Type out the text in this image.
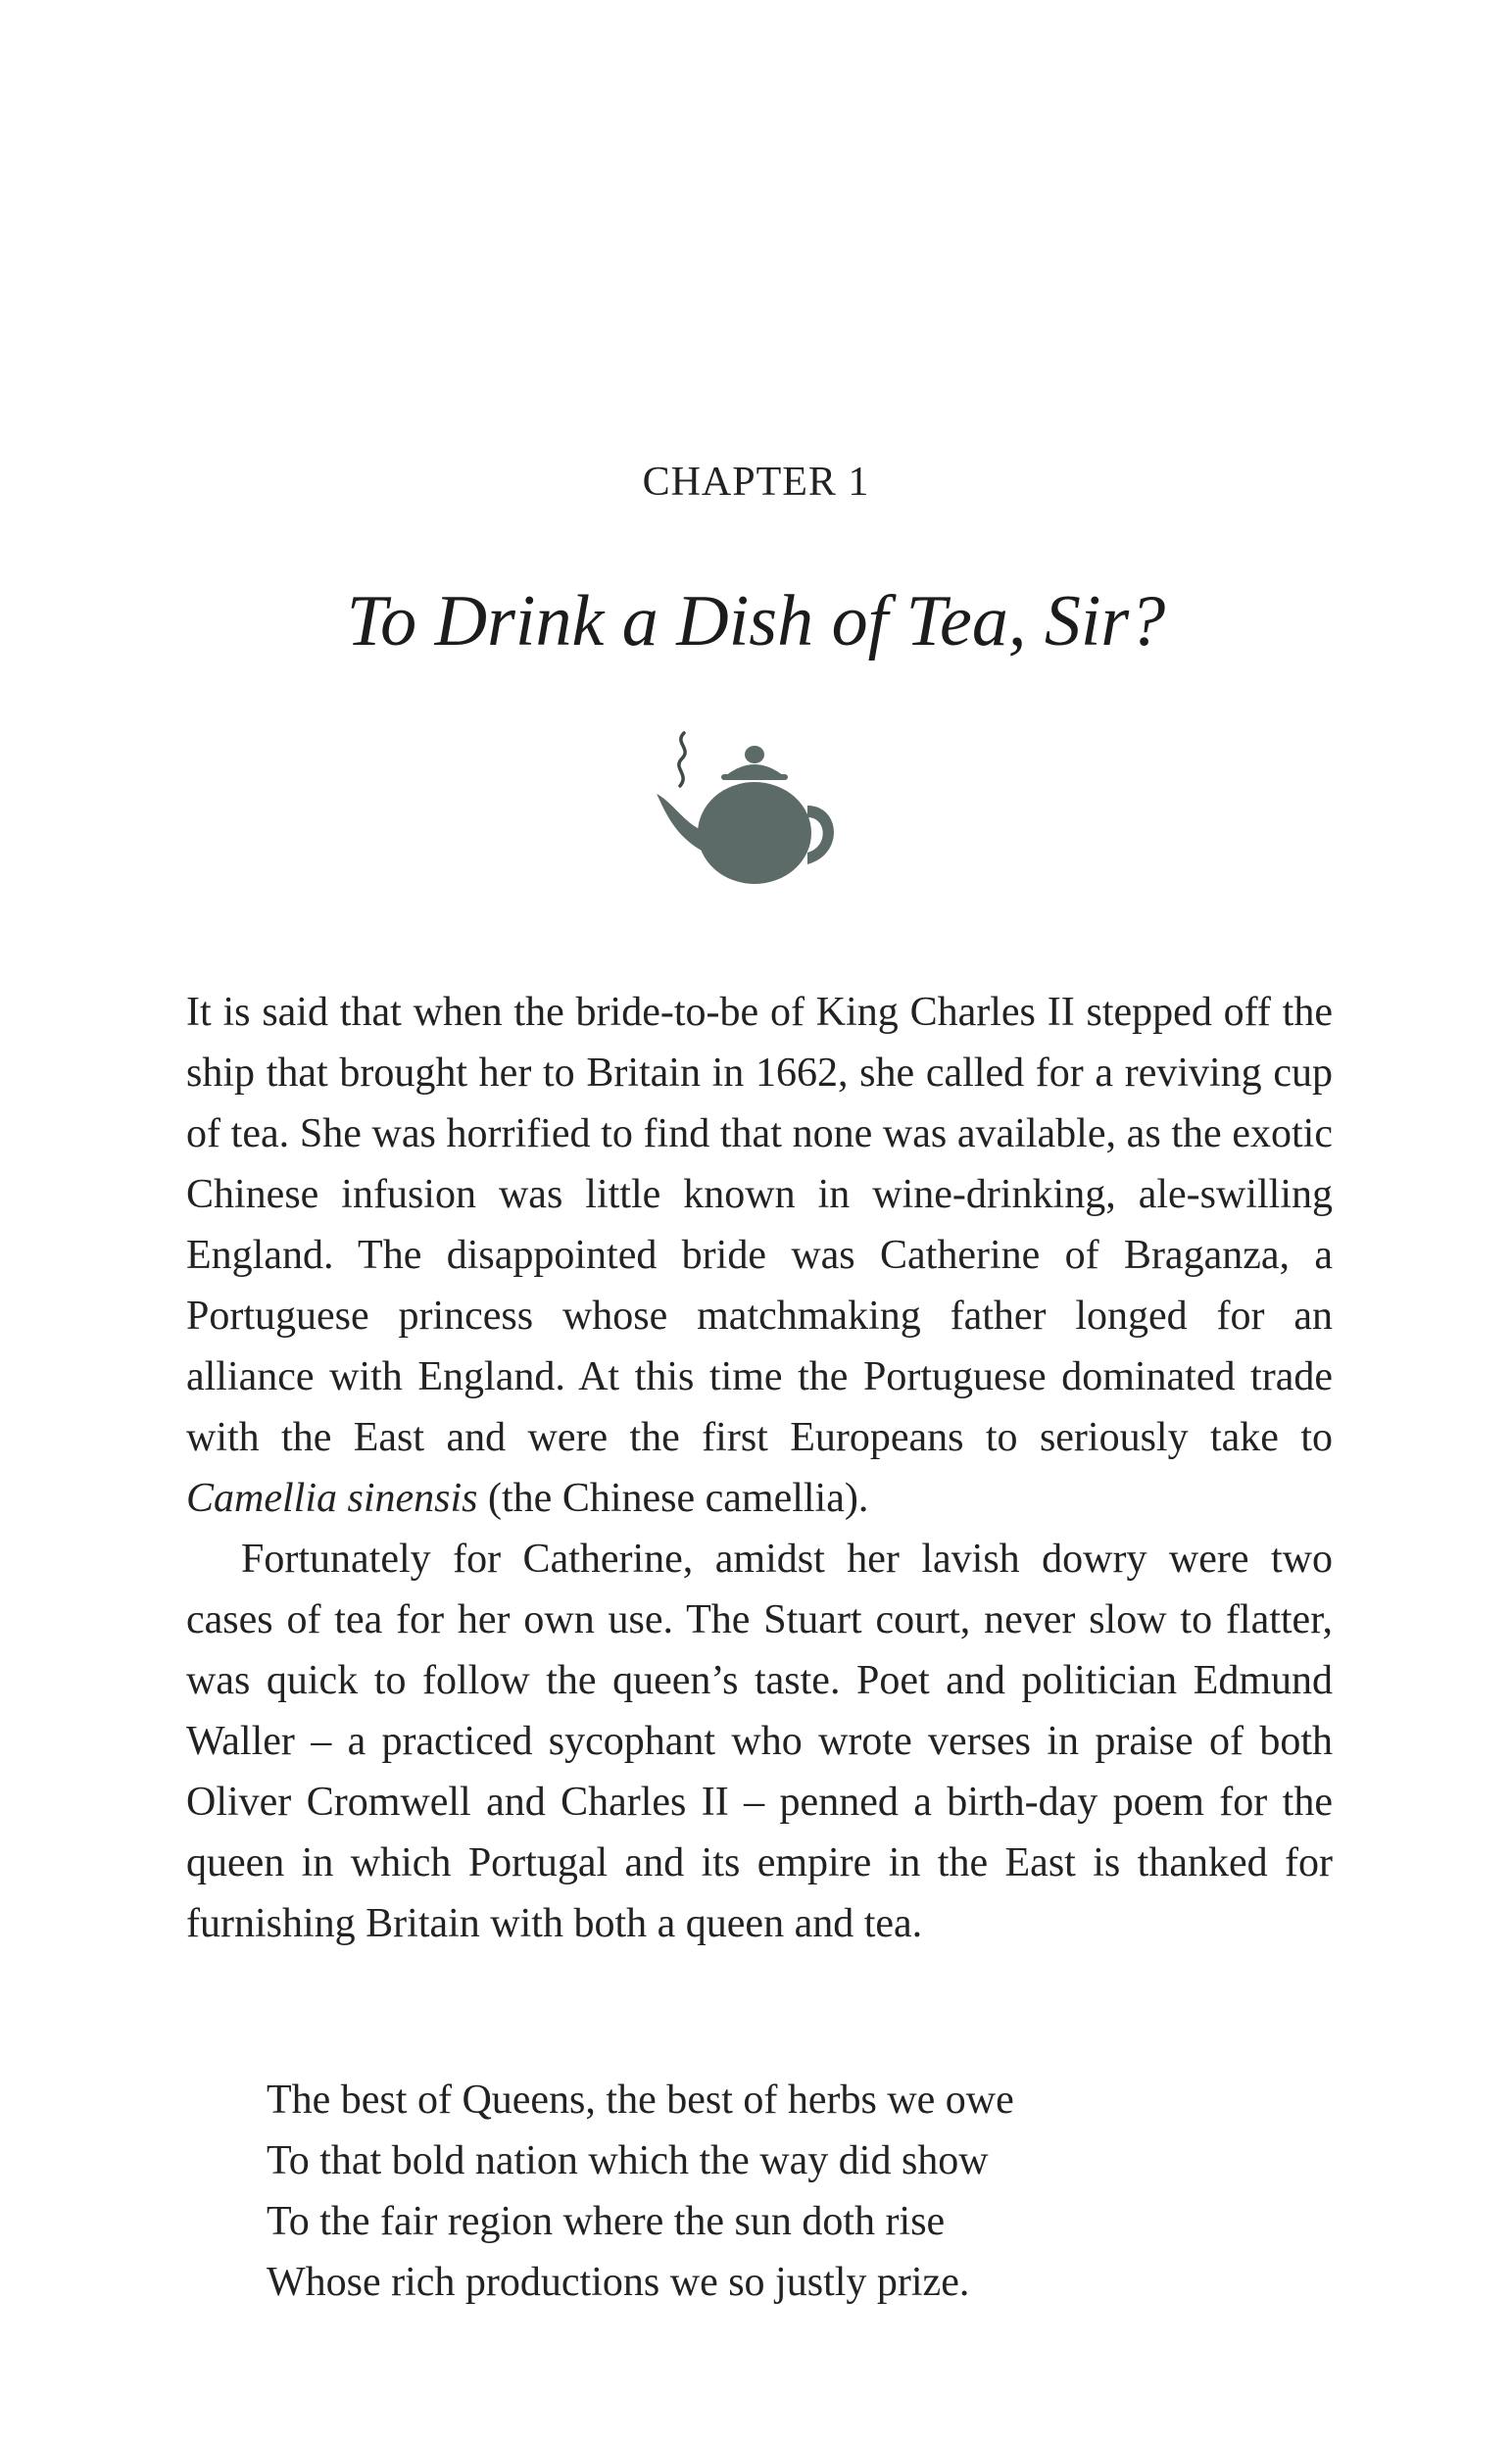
CHAPTER 1
To Drink a Dish of Tea, Sir?

It is said that when the bride-to-be of King Charles II stepped off the ship that brought her to Britain in 1662, she called for a reviving cup of tea. She was horrified to find that none was available, as the exotic Chinese infusion was little known in wine-drinking, ale-swilling England. The disappointed bride was Catherine of Braganza, a Portuguese princess whose matchmaking father longed for an alliance with England. At this time the Portuguese dominated trade with the East and were the first Europeans to seriously take to Camellia sinensis (the Chinese camellia).

Fortunately for Catherine, amidst her lavish dowry were two cases of tea for her own use. The Stuart court, never slow to flatter, was quick to follow the queen’s taste. Poet and politician Edmund Waller – a practiced sycophant who wrote verses in praise of both Oliver Cromwell and Charles II – penned a birth-day poem for the queen in which Portugal and its empire in the East is thanked for furnishing Britain with both a queen and tea.

The best of Queens, the best of herbs we owe
To that bold nation which the way did show
To the fair region where the sun doth rise
Whose rich productions we so justly prize.
